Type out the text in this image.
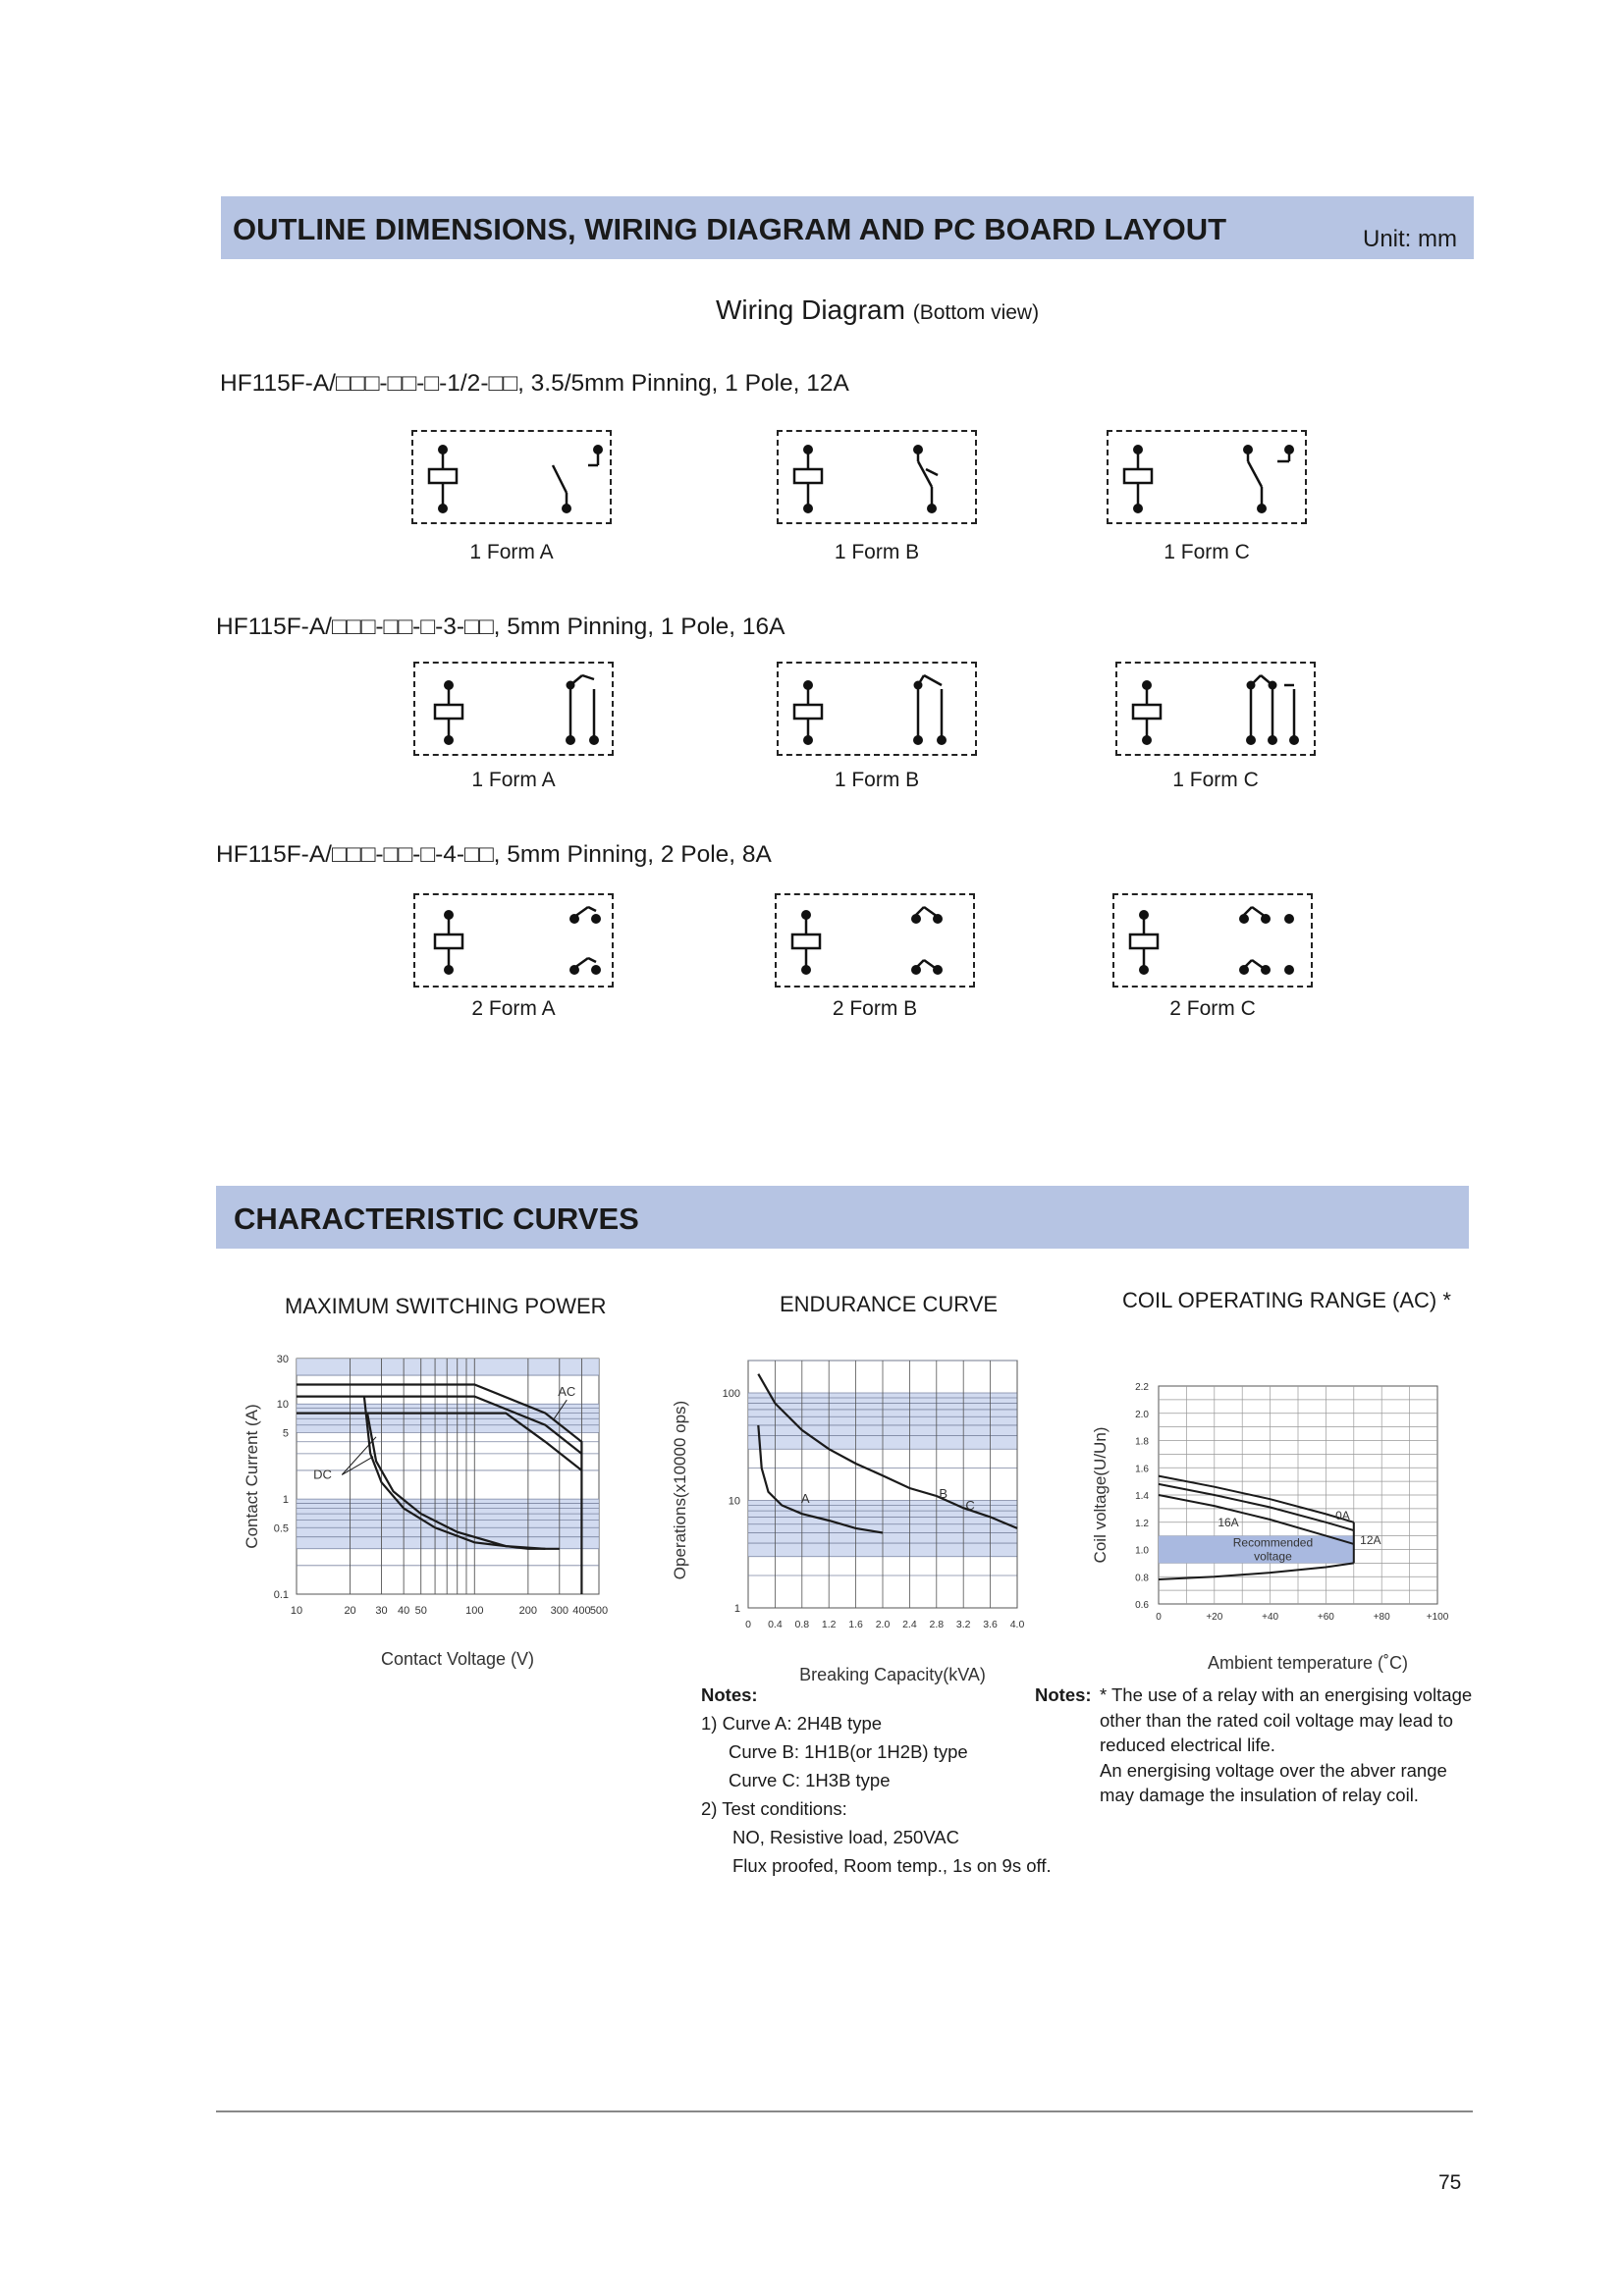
OUTLINE DIMENSIONS, WIRING DIAGRAM AND PC BOARD LAYOUT	Unit: mm
Wiring Diagram (Bottom view)
HF115F-A/□□□-□□-□-1/2-□□, 3.5/5mm Pinning, 1 Pole, 12A
1 Form A	1 Form B	1 Form C
HF115F-A/□□□-□□-□-3-□□, 5mm Pinning, 1 Pole, 16A
1 Form A	1 Form B	1 Form C
HF115F-A/□□□-□□-□-4-□□, 5mm Pinning, 2 Pole, 8A
2 Form A	2 Form B	2 Form C
CHARACTERISTIC CURVES
MAXIMUM SWITCHING POWER	ENDURANCE CURVE	COIL OPERATING RANGE (AC) *
10	20 30 40 50	100	200 300 400 500
0.1
0.5
1
5
10
30
AC
DC
Contact Voltage (V)
Contact Current (A)
0 0.4 0.8 1.2 1.6 2.0 2.4 2.8 3.2 3.6 4.0
1
10
100
A	B
C
Breaking Capacity(kVA)
Operations(x10000 ops)
0	+20	+40	+60	+80	+100
0.6
0.8
1.0
1.2
1.4
1.6
1.8
2.0
2.2
16A	0A
12A
Recommended
voltage
Ambient temperature (˚C)
Coil voltage(U/Un)
Notes:
1) Curve A: 2H4B type
Curve B: 1H1B(or 1H2B) type
Curve C: 1H3B type
2) Test conditions:
NO, Resistive load, 250VAC
Flux proofed, Room temp., 1s on 9s off.
Notes: * The use of a relay with an energising voltage
other than the rated coil voltage may lead to
reduced electrical life.
An energising voltage over the abver range
may damage the insulation of relay coil.
75
